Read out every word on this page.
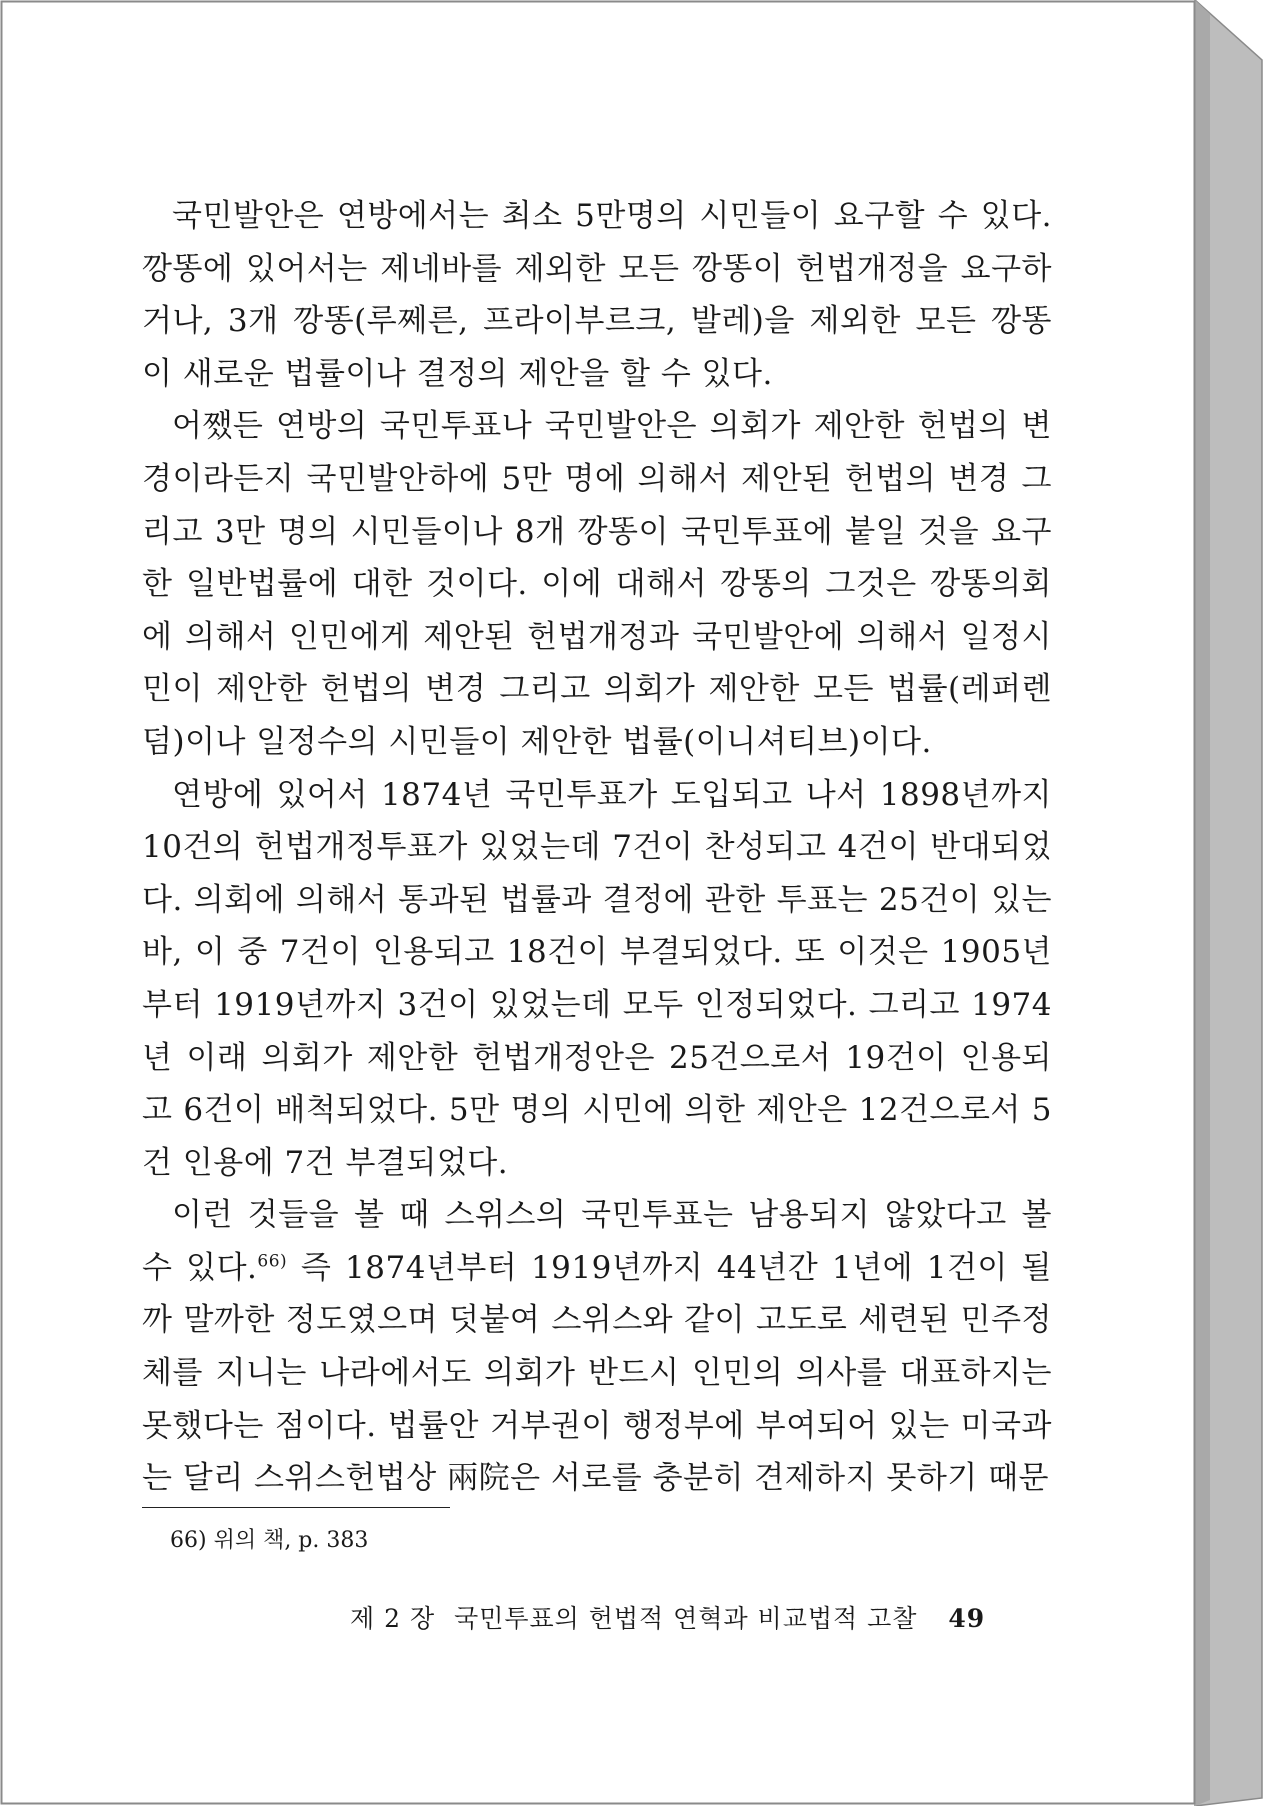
국민발안은 연방에서는 최소 5만명의 시민들이 요구할 수 있다. 깡똥에 있어서는 제네바를 제외한 모든 깡똥이 헌법개정을 요구하거나, 3개 깡똥(루쩨른, 프라이부르크, 발레)을 제외한 모든 깡똥이 새로운 법률이나 결정의 제안을 할 수 있다.

어쨌든 연방의 국민투표나 국민발안은 의회가 제안한 헌법의 변경이라든지 국민발안하에 5만 명에 의해서 제안된 헌법의 변경 그리고 3만 명의 시민들이나 8개 깡똥이 국민투표에 붙일 것을 요구한 일반법률에 대한 것이다. 이에 대해서 깡똥의 그것은 깡똥의회에 의해서 인민에게 제안된 헌법개정과 국민발안에 의해서 일정시민이 제안한 헌법의 변경 그리고 의회가 제안한 모든 법률(레퍼렌덤)이나 일정수의 시민들이 제안한 법률(이니셔티브)이다.

연방에 있어서 1874년 국민투표가 도입되고 나서 1898년까지 10건의 헌법개정투표가 있었는데 7건이 찬성되고 4건이 반대되었다. 의회에 의해서 통과된 법률과 결정에 관한 투표는 25건이 있는바, 이 중 7건이 인용되고 18건이 부결되었다. 또 이것은 1905년부터 1919년까지 3건이 있었는데 모두 인정되었다. 그리고 1974년 이래 의회가 제안한 헌법개정안은 25건으로서 19건이 인용되고 6건이 배척되었다. 5만 명의 시민에 의한 제안은 12건으로서 5건 인용에 7건 부결되었다.

이런 것들을 볼 때 스위스의 국민투표는 남용되지 않았다고 볼 수 있다.$^{66)}$ 즉 1874년부터 1919년까지 44년간 1년에 1건이 될까 말까한 정도였으며 덧붙여 스위스와 같이 고도로 세련된 민주정체를 지니는 나라에서도 의회가 반드시 인민의 의사를 대표하지는 못했다는 점이다. 법률안 거부권이 행정부에 부여되어 있는 미국과는 달리 스위스헌법상 兩院은 서로를 충분히 견제하지 못하기 때문

66) 위의 책, p. 383
제 2 장 국민투표의 헌법적 연혁과 비교법적 고찰 49
